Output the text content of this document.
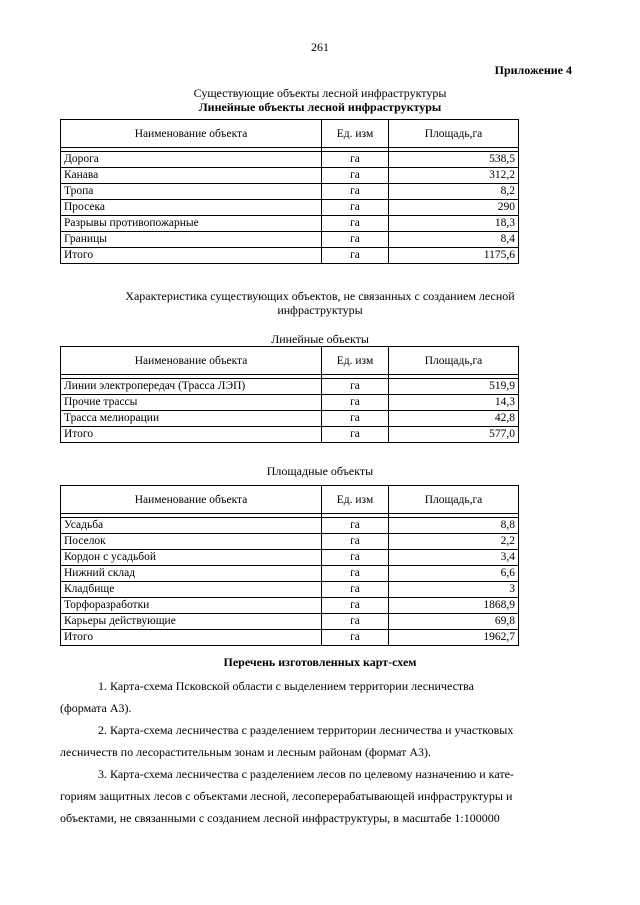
261
Приложение 4
Существующие объекты лесной инфраструктуры
Линейные объекты лесной инфраструктуры
Наименование объекта	Ед. изм	Площадь,га

Дорога	га	538,5
Канава	га	312,2
Тропа	га	8,2
Просека	га	290
Разрывы противопожарные	га	18,3
Границы	га	8,4
Итого	га	1175,6
Характеристика существующих объектов, не связанных с созданием лесной
инфраструктуры
Линейные объекты
Наименование объекта	Ед. изм	Площадь,га

Линии электропередач (Трасса ЛЭП)	га	519,9
Прочие трассы	га	14,3
Трасса мелиорации	га	42,8
Итого	га	577,0
Площадные объекты
Наименование объекта	Ед. изм	Площадь,га

Усадьба	га	8,8
Поселок	га	2,2
Кордон с усадьбой	га	3,4
Нижний склад	га	6,6
Кладбище	га	3
Торфоразработки	га	1868,9
Карьеры действующие	га	69,8
Итого	га	1962,7
Перечень изготовленных карт-схем

1. Карта-схема Псковской области с выделением территории лесничества

(формата А3).

2. Карта-схема лесничества с разделением территории лесничества и участковых

лесничеств по лесорастительным зонам и лесным районам (формат А3).

3. Карта-схема лесничества с разделением лесов по целевому назначению и кате-

гориям защитных лесов с объектами лесной, лесоперерабатывающей инфраструктуры и

объектами, не связанными с созданием лесной инфраструктуры, в масштабе 1:100000
